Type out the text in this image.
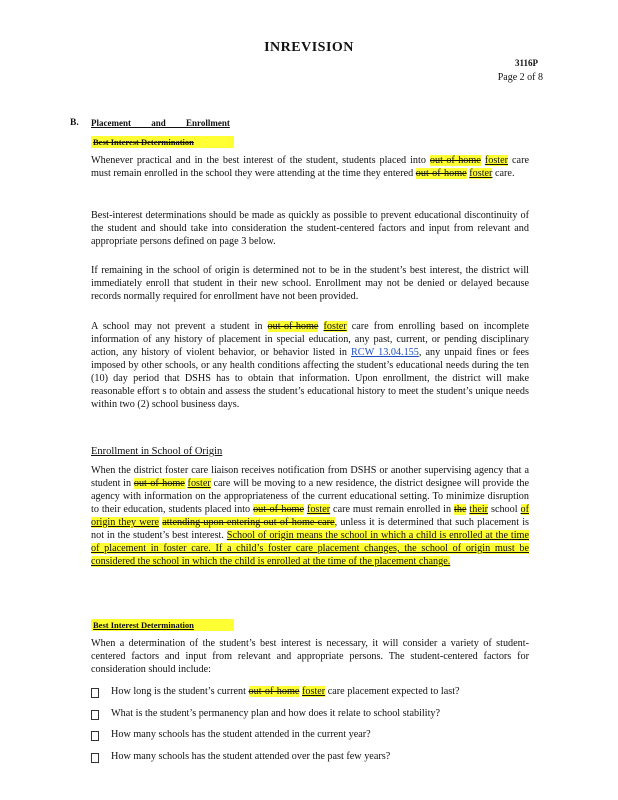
INREVISION
3116P
Page 2 of 8
B. Placement and Enrollment
Best Interest Determination

Whenever practical and in the best interest of the student, students placed into out-of-home foster care must remain enrolled in the school they were attending at the time they entered out-of-home foster care.

Best-interest determinations should be made as quickly as possible to prevent educational discontinuity of the student and should take into consideration the student-centered factors and input from relevant and appropriate persons defined on page 3 below.

If remaining in the school of origin is determined not to be in the student’s best interest, the district will immediately enroll that student in their new school. Enrollment may not be denied or delayed because records normally required for enrollment have not been provided.

A school may not prevent a student in out-of-home foster care from enrolling based on incomplete information of any history of placement in special education, any past, current, or pending disciplinary action, any history of violent behavior, or behavior listed in RCW 13.04.155, any unpaid fines or fees imposed by other schools, or any health conditions affecting the student’s educational needs during the ten (10) day period that DSHS has to obtain that information. Upon enrollment, the district will make reasonable effort s to obtain and assess the student’s educational history to meet the student’s unique needs within two (2) school business days.

Enrollment in School of Origin

When the district foster care liaison receives notification from DSHS or another supervising agency that a student in out-of-home foster care will be moving to a new residence, the district designee will provide the agency with information on the appropriateness of the current educational setting. To minimize disruption to their education, students placed into out-of-home foster care must remain enrolled in the their school of origin they were attending upon entering out-of-home care, unless it is determined that such placement is not in the student’s best interest. School of origin means the school in which a child is enrolled at the time of placement in foster care. If a child’s foster care placement changes, the school of origin must be considered the school in which the child is enrolled at the time of the placement change.

Best Interest Determination

When a determination of the student’s best interest is necessary, it will consider a variety of student-centered factors and input from relevant and appropriate persons. The student-centered factors for consideration should include:

How long is the student’s current out-of-home foster care placement expected to last?
What is the student’s permanency plan and how does it relate to school stability?
How many schools has the student attended in the current year?
How many schools has the student attended over the past few years?
